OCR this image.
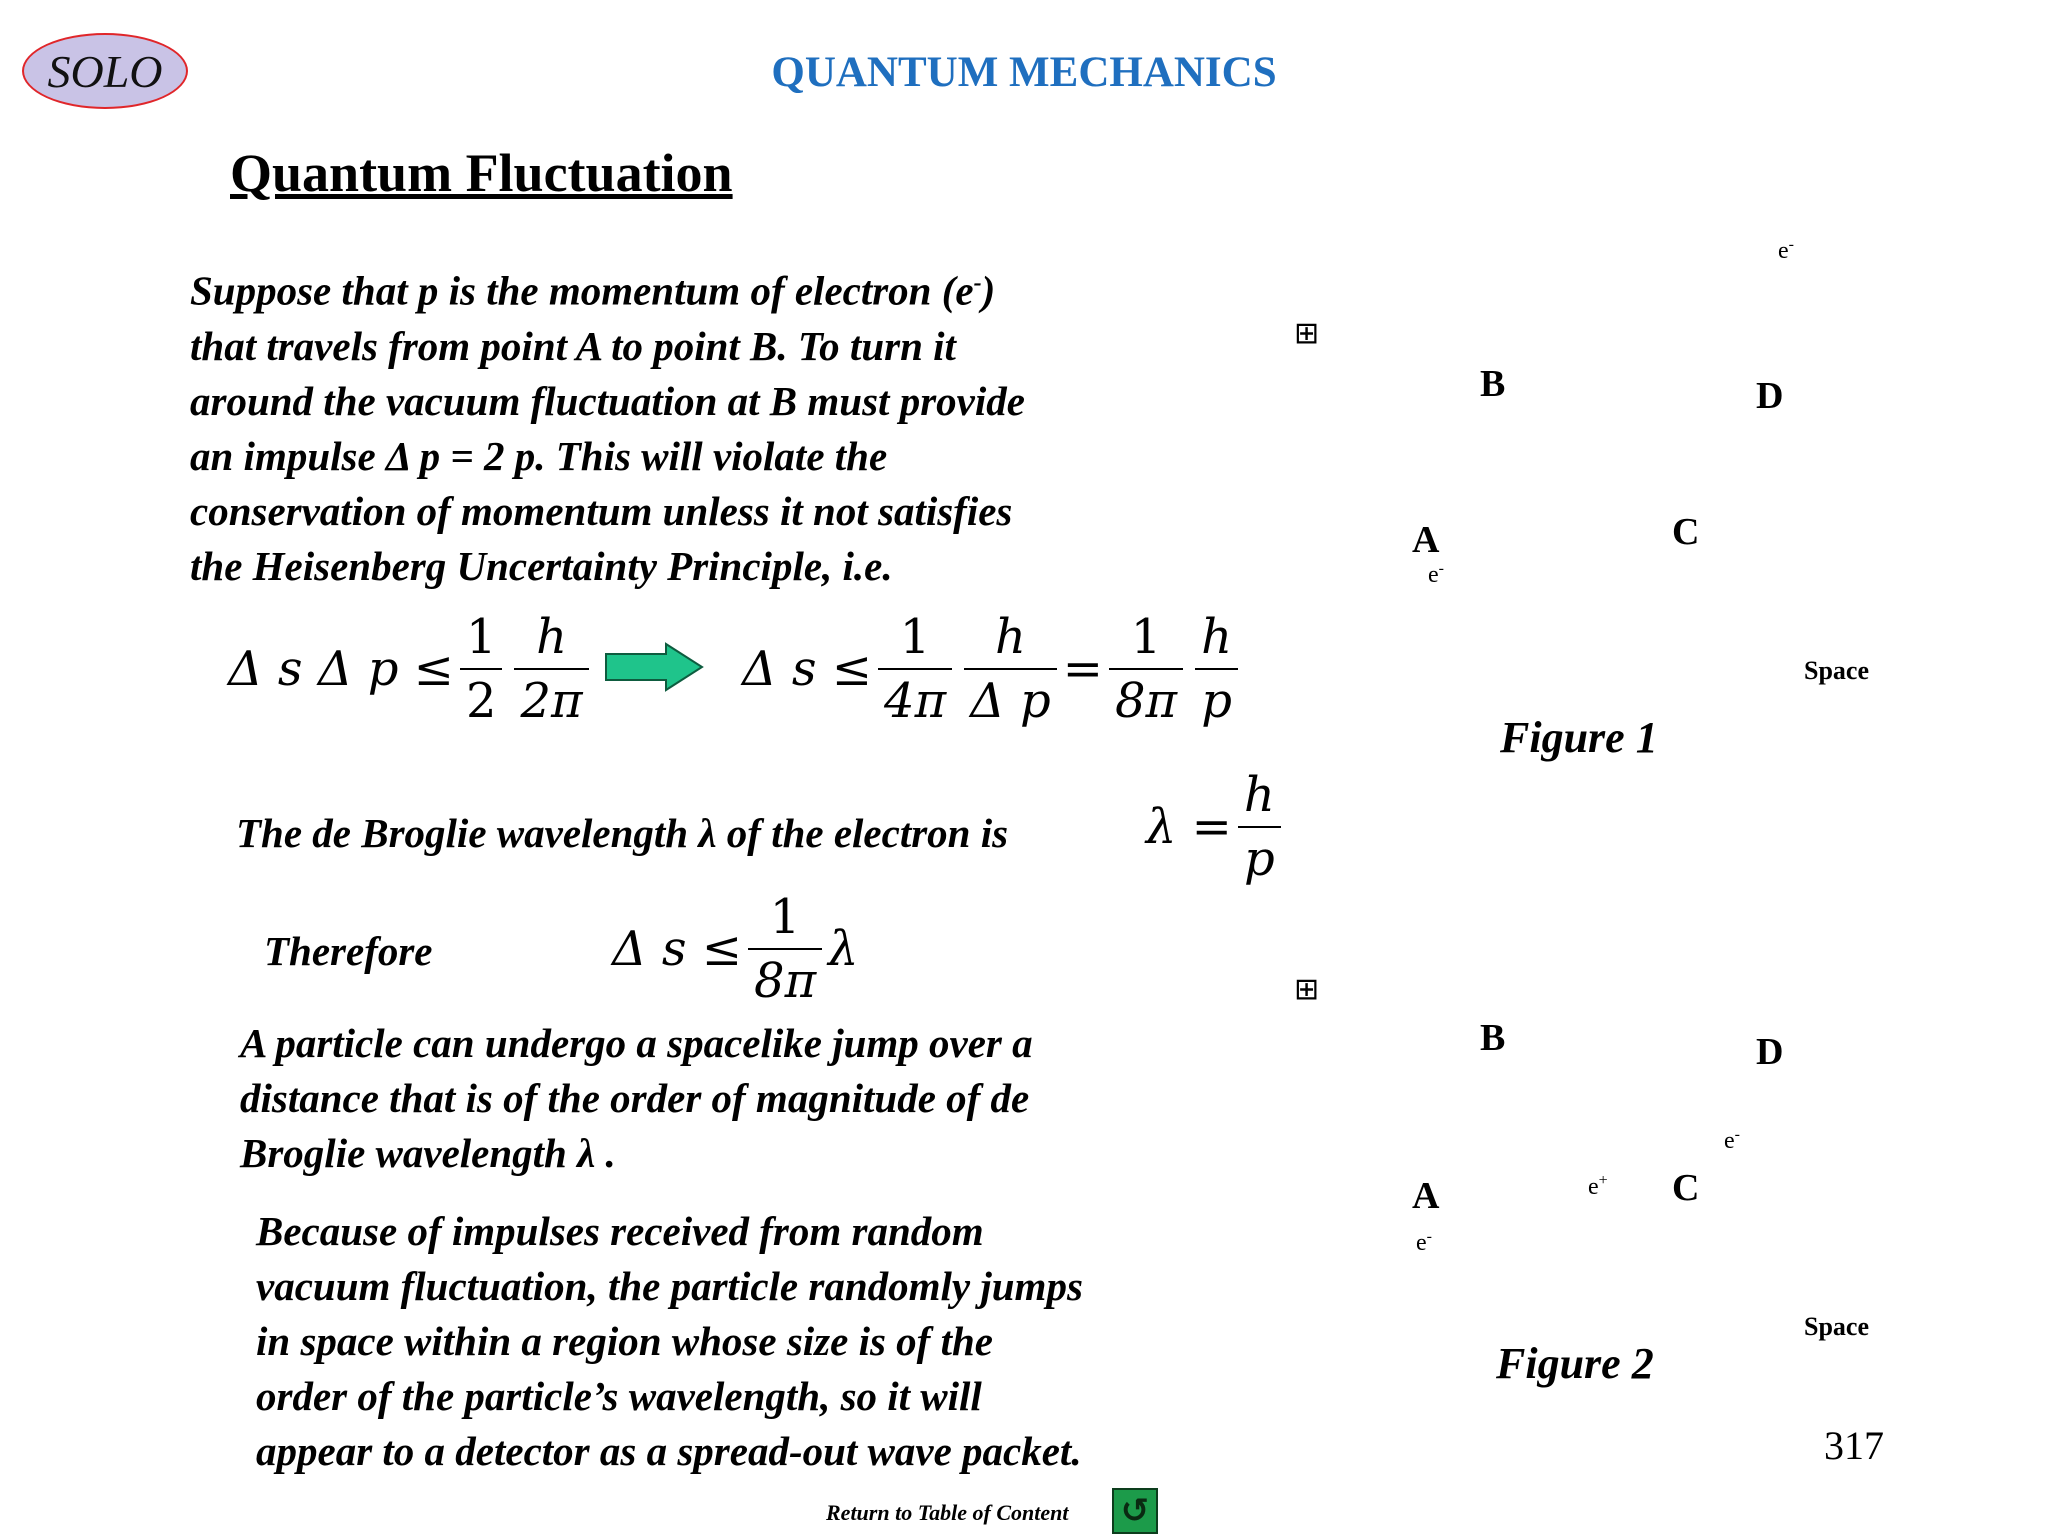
SOLO	QUANTUM MECHANICS
Quantum Fluctuation
Suppose that p is the momentum of electron (e-)
that travels from point A to point B. To turn it
around the vacuum fluctuation at B must provide
an impulse Δ p = 2 p. This will violate the
conservation of momentum unless it not satisfies
the Heisenberg Uncertainty Principle, i.e.
Δ s Δ $p \le \frac{1}{2} \frac{h}{2\pi}$	Δ $s \le \frac{1}{4\pi} \frac{h}{\text{Δ p}} = \frac{1}{8\pi} \frac{h}{p}$
The de Broglie wavelength λ of the electron is	$\lambda = \frac{h}{p}$
Therefore	Δ $s \le \frac{1}{8\pi}$ λ
A particle can undergo a spacelike jump over a
distance that is of the order of magnitude of de
Broglie wavelength λ .
Because of impulses received from random
vacuum fluctuation, the particle randomly jumps
in space within a region whose size is of the
order of the particle’s wavelength, so it will
appear to a detector as a spread-out wave packet.
⊞
⊞
e-
B	D
A	C
e-
Space
Figure 1
B	D
e-
e+
A	C
e-
Space
Figure 2
317
Return to Table of Content ↺
